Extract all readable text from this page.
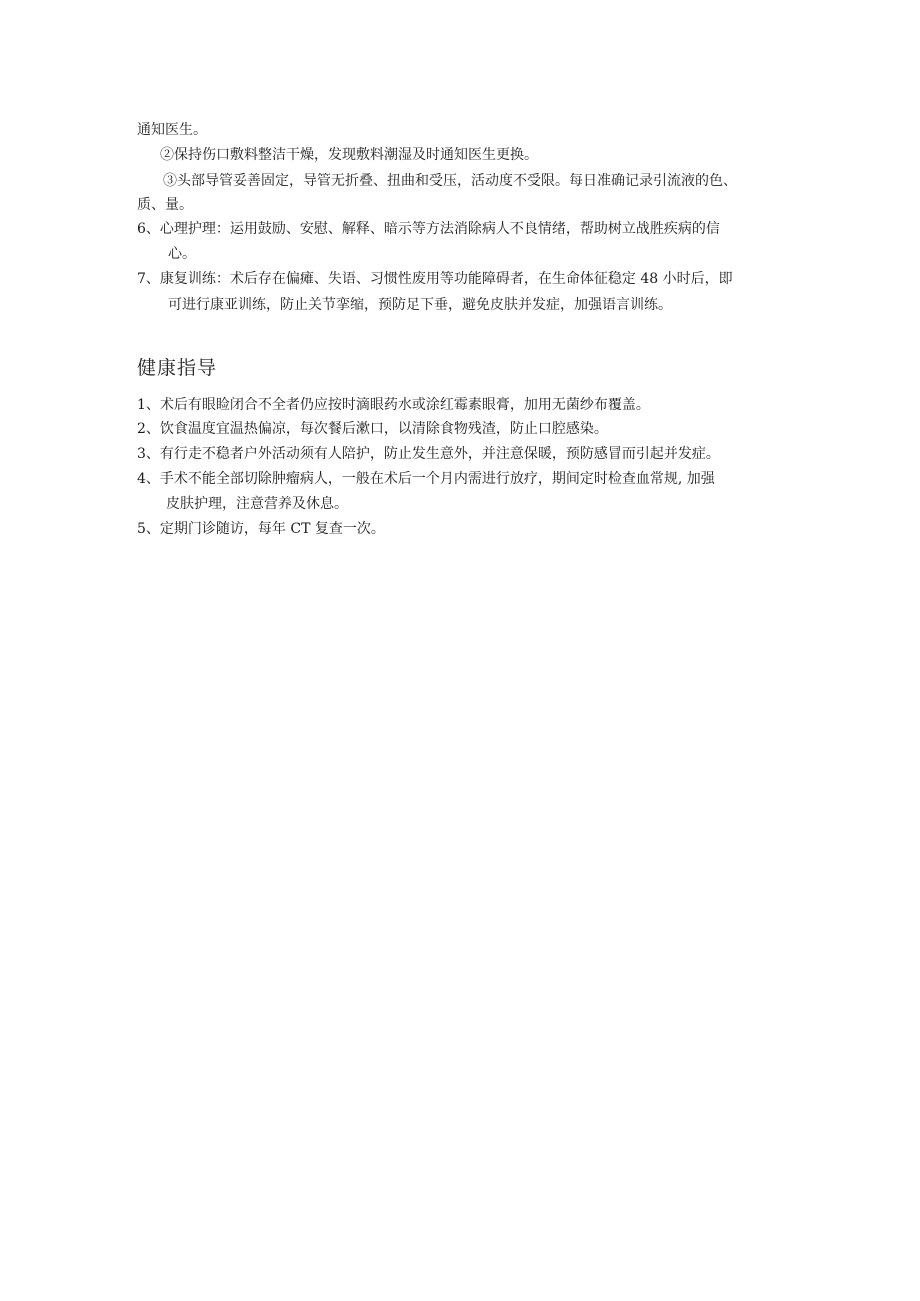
通知医生。
②保持伤口敷料整洁干燥，发现敷料潮湿及时通知医生更换。
③头部导管妥善固定，导管无折叠、扭曲和受压，活动度不受限。每日准确记录引流液的色、
质、量。
6、心理护理：运用鼓励、安慰、解释、暗示等方法消除病人不良情绪，帮助树立战胜疾病的信
心。
7、康复训练：术后存在偏瘫、失语、习惯性废用等功能障碍者，在生命体征稳定 48 小时后，即
可进行康亚训练，防止关节挛缩，预防足下垂，避免皮肤并发症，加强语言训练。
健康指导
1、术后有眼睑闭合不全者仍应按时滴眼药水或涂红霉素眼膏，加用无菌纱布覆盖。
2、饮食温度宜温热偏凉，每次餐后漱口，以清除食物残渣，防止口腔感染。
3、有行走不稳者户外活动须有人陪护，防止发生意外，并注意保暖，预防感冒而引起并发症。
4、手术不能全部切除肿瘤病人，一般在术后一个月内需进行放疗，期间定时检查血常规, 加强
皮肤护理，注意营养及休息。
5、定期门诊随访，每年 CT 复查一次。
